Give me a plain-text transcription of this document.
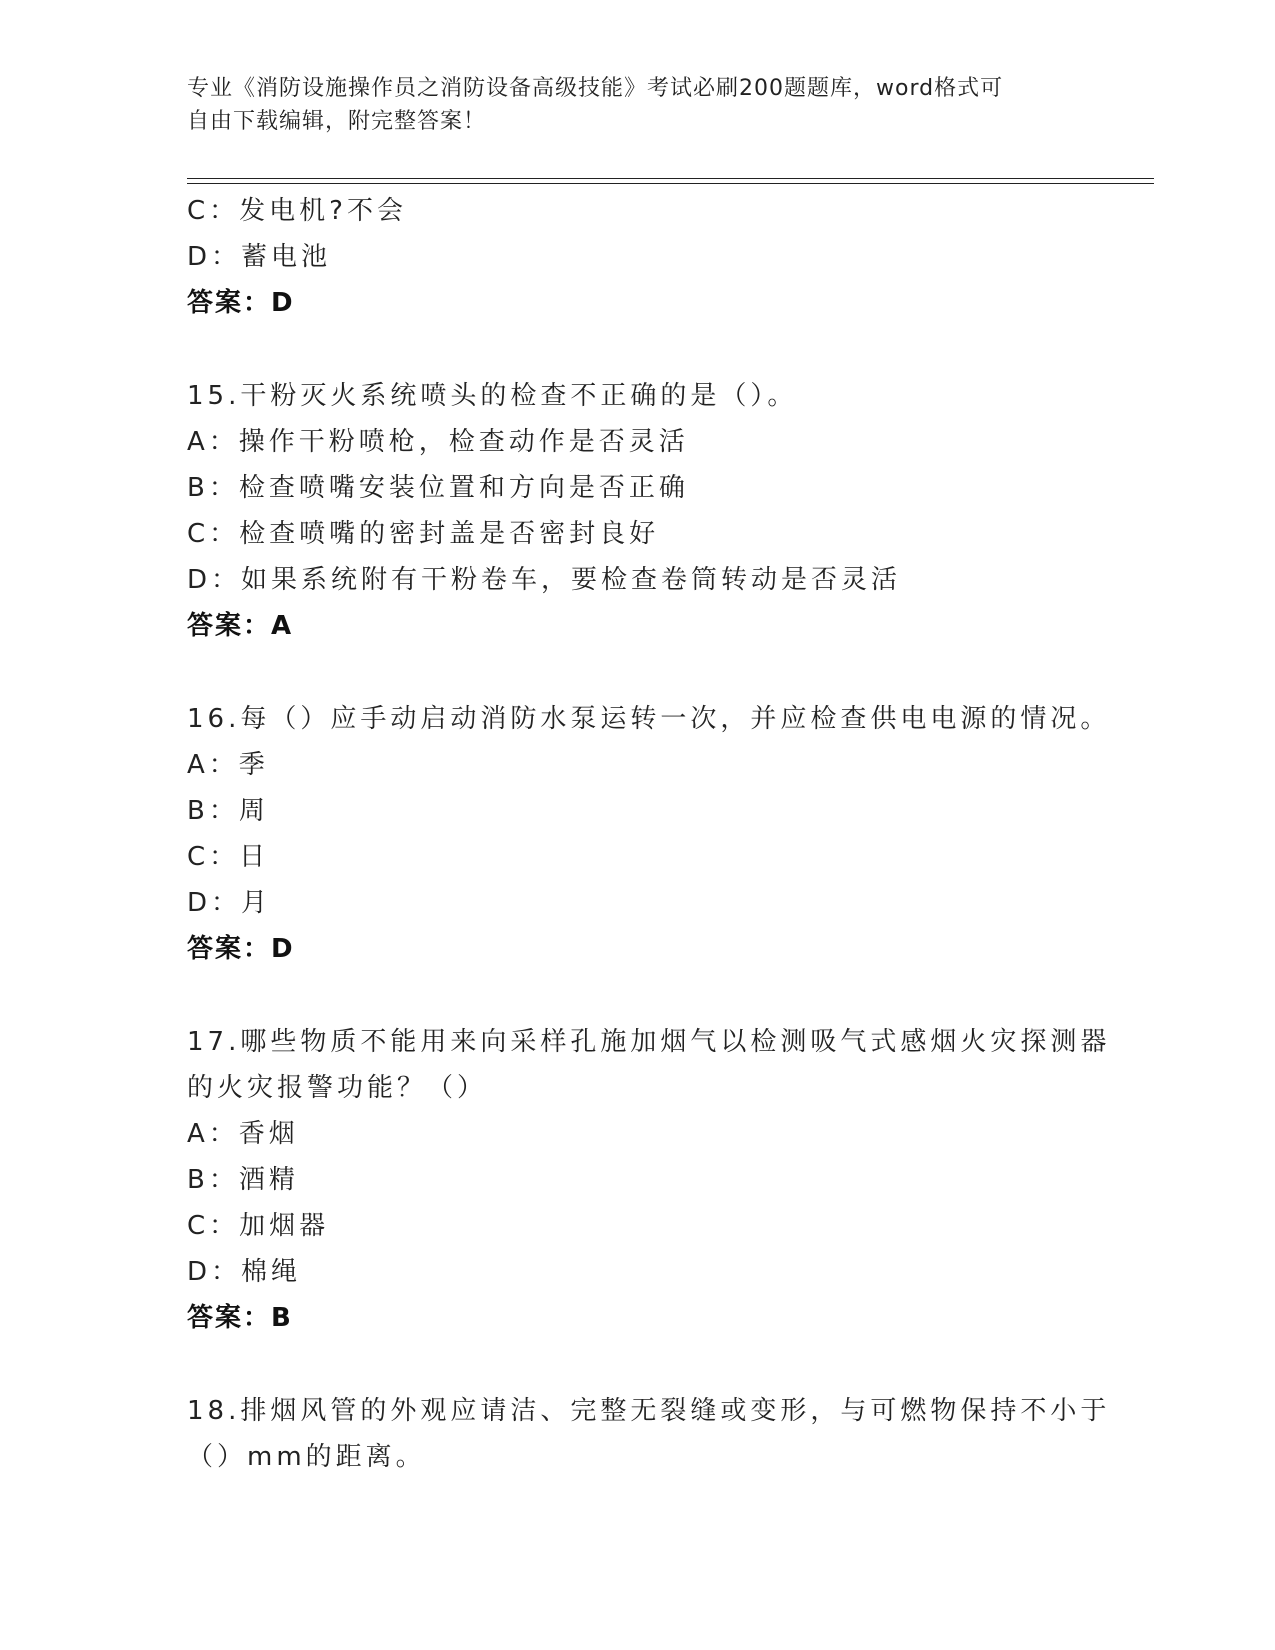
专业《消防设施操作员之消防设备高级技能》考试必刷200题题库，word格式可
自由下载编辑，附完整答案！
C：发电机?不会
D：蓄电池
答案：D
15.干粉灭火系统喷头的检查不正确的是（）。
A：操作干粉喷枪，检查动作是否灵活
B：检查喷嘴安装位置和方向是否正确
C：检查喷嘴的密封盖是否密封良好
D：如果系统附有干粉卷车，要检查卷筒转动是否灵活
答案：A
16.每（）应手动启动消防水泵运转一次，并应检查供电电源的情况。
A：季
B：周
C：日
D：月
答案：D
17.哪些物质不能用来向采样孔施加烟气以检测吸气式感烟火灾探测器
的火灾报警功能？（）
A：香烟
B：酒精
C：加烟器
D：棉绳
答案：B
18.排烟风管的外观应请洁、完整无裂缝或变形，与可燃物保持不小于
（）mm的距离。
